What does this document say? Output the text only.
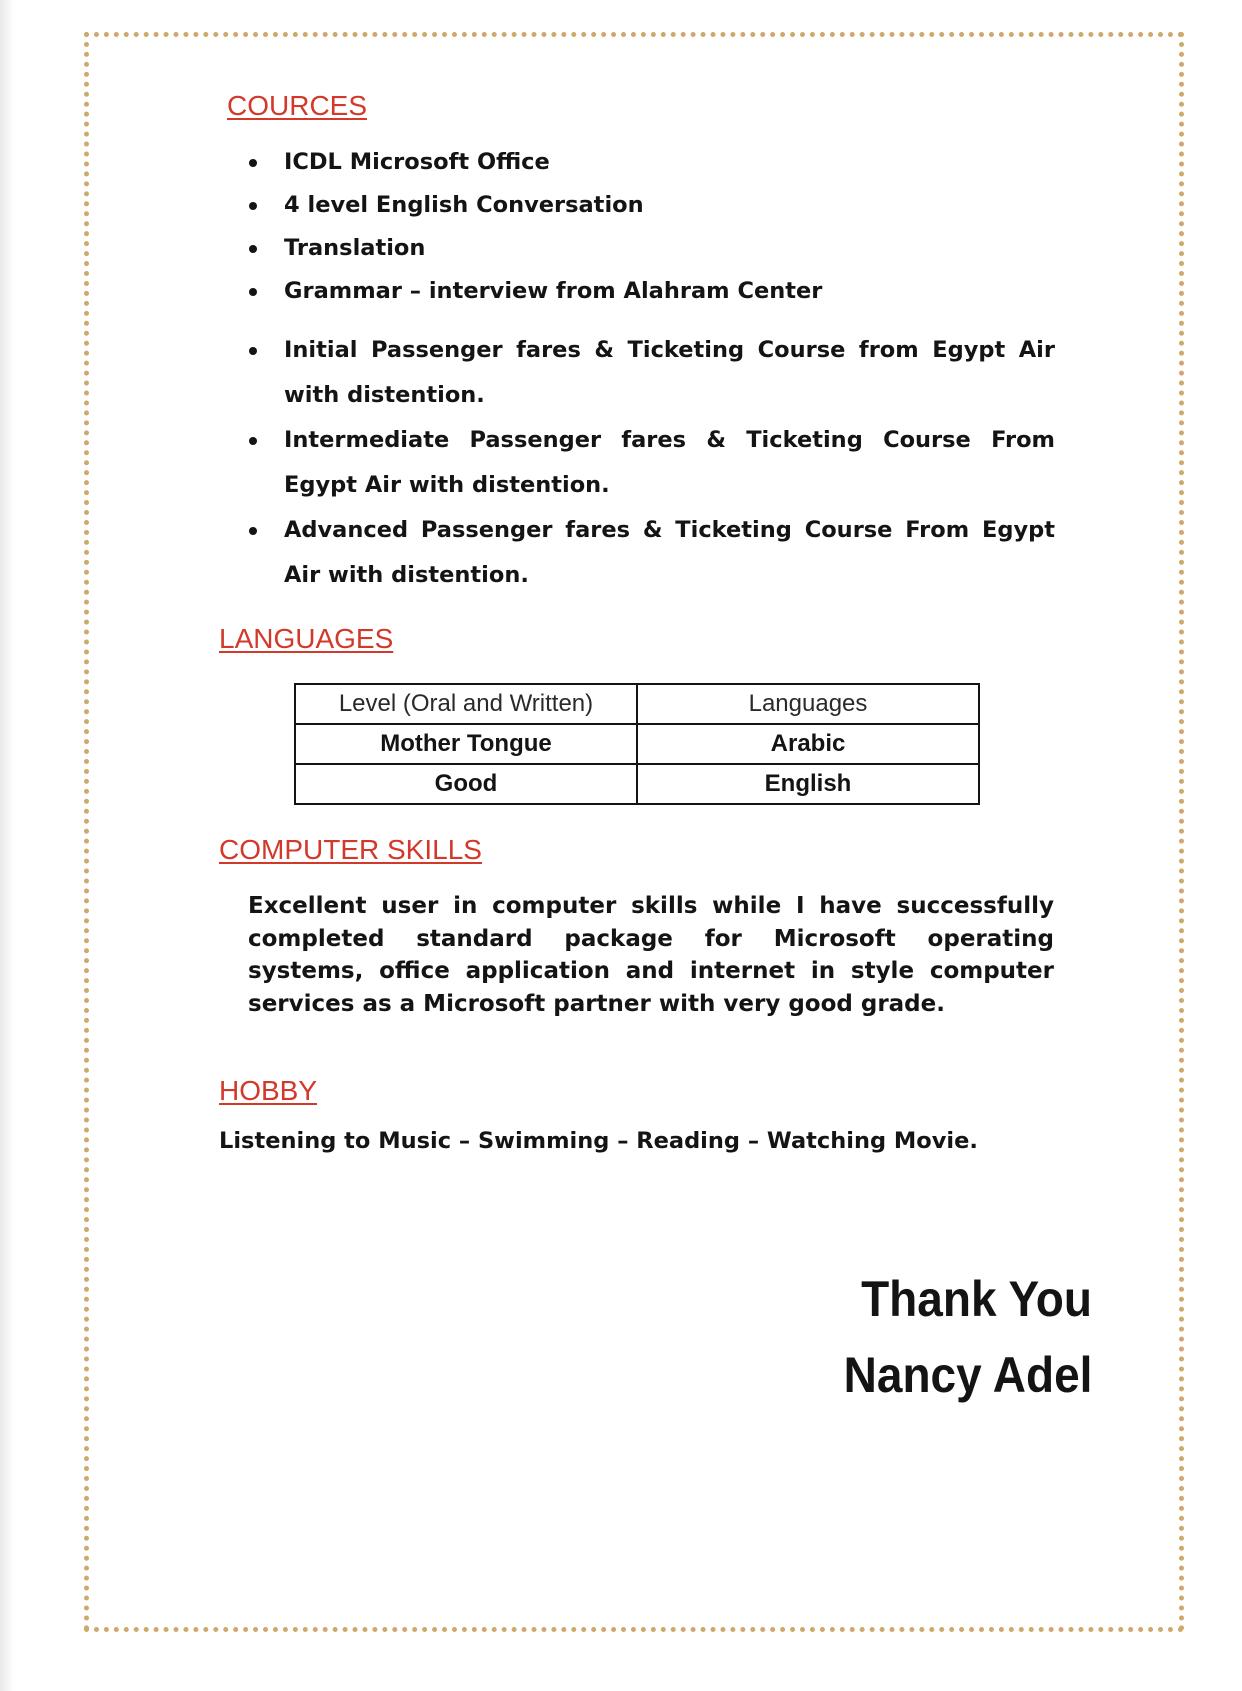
COURCES
ICDL Microsoft Office
4 level English Conversation
Translation
Grammar – interview from Alahram Center
Initial Passenger fares & Ticketing Course from Egypt Air with distention.
Intermediate Passenger fares & Ticketing Course From Egypt Air with distention.
Advanced Passenger fares & Ticketing Course From Egypt Air with distention.
LANGUAGES
Level (Oral and Written)	Languages
Mother Tongue	Arabic
Good	English
COMPUTER SKILLS

Excellent user in computer skills while I have successfully completed standard package for Microsoft operating systems, office application and internet in style computer services as a Microsoft partner with very good grade.

HOBBY

Listening to Music – Swimming – Reading – Watching Movie.

Thank You

Nancy Adel
